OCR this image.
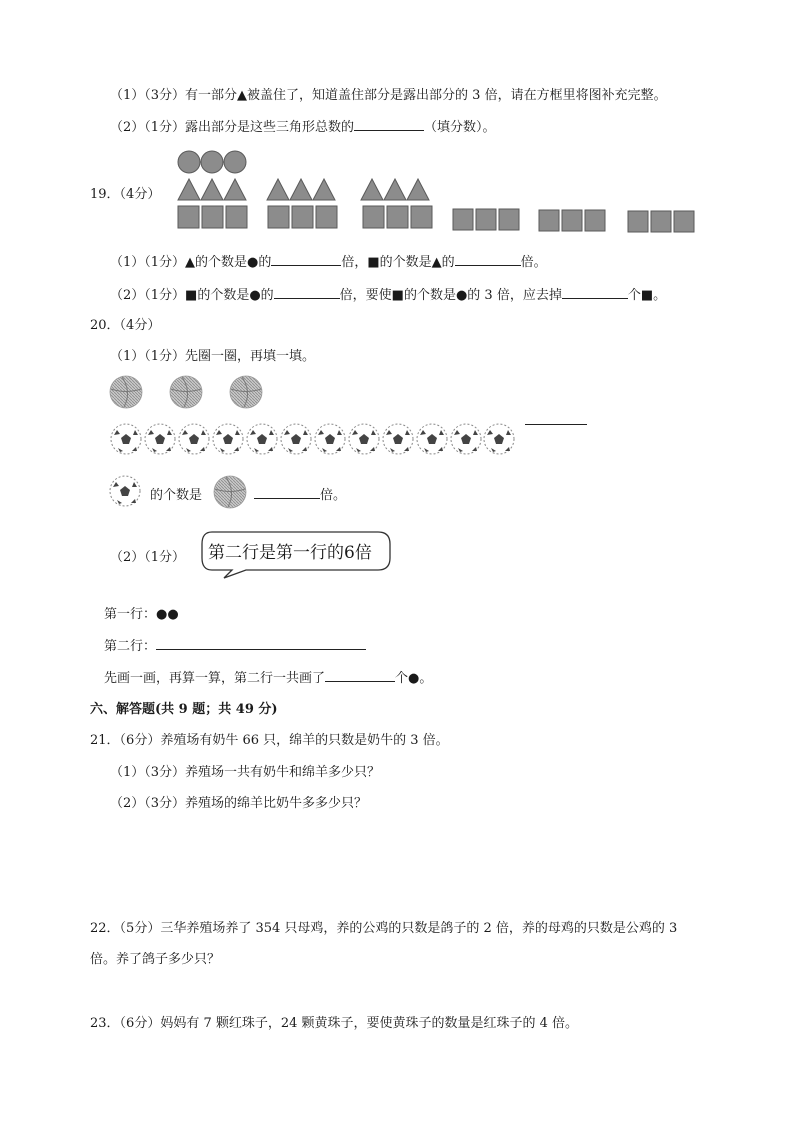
（1）（3分）有一部分▲被盖住了，知道盖住部分是露出部分的 3 倍，请在方框里将图补充完整。
（2）（1分）露出部分是这些三角形总数的	（填分数）。
19．（4分）
（1）（1分）▲的个数是●的	倍，■的个数是▲的	倍。
（2）（1分）■的个数是●的	倍，要使■的个数是●的 3 倍，应去掉	个■。
20．（4分）
（1）（1分）先圈一圈，再填一填。
的个数是	倍。
（2）（1分） 第二行是第一行的6倍
第一行：●●
第二行：
先画一画，再算一算，第二行一共画了	个●。
六、解答题(共 9 题；共 49 分)
21．（6分）养殖场有奶牛 66 只，绵羊的只数是奶牛的 3 倍。
（1）（3分）养殖场一共有奶牛和绵羊多少只？
（2）（3分）养殖场的绵羊比奶牛多多少只？
22．（5分）三华养殖场养了 354 只母鸡，养的公鸡的只数是鸽子的 2 倍，养的母鸡的只数是公鸡的 3
倍。养了鸽子多少只？
23．（6分）妈妈有 7 颗红珠子，24 颗黄珠子，要使黄珠子的数量是红珠子的 4 倍。
